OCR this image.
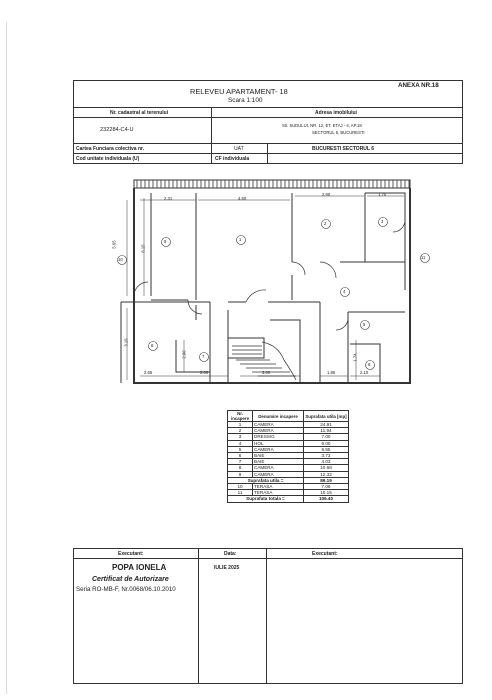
ANEXA NR.18
RELEVEU APARTAMENT- 18
Scara 1:100
Nr. cadastral al terenului
232284-C4-U
Adresa imobilului
Str. SUDULUI, NR. 12, ET. ETAJ - 4, AP.18
SECTORUL 6, BUCURESTI
Cartea Funciara colectiva nr.	UAT	BUCURESTI SECTORUL 6
Cod unitate individuala (U)	CF individuala
1
2	3
4
5
6
7
8
9
10	11
2.31	4.50
2.90	1.75
2.65	2.00	3.00	1.85	2.10
5.65	6.15
3.15
2.00	1.74
Nr. incapere	Denumire incapere	Suprafata utila [mp]
1	CAMERA	24.91
2	CAMERA	11.94
3	DRESSIG	7.00
4	HOL	6.00
5	CAMERA	8.55
6	BAIE	3.73
7	BAIE	4.03
8	CAMERA	10.68
9	CAMERA	12.32
Suprafata utila =		89.19
10	TERASA	7.06
11	TERASA	10.15
Suprafata totala =		106.40
Executant:	Data:	Executant:
POPA IONELA
Certificat de Autorizare
Seria RO-MB-F, Nr.0068/06.10.2010
IULIE 2025
